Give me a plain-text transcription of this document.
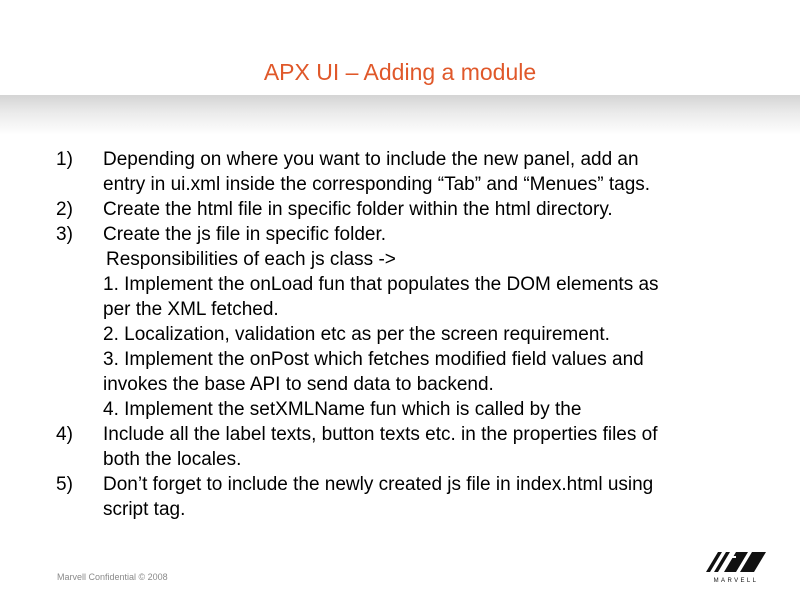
APX UI – Adding a module
1) Depending on where you want to include the new panel, add an
entry in ui.xml inside the corresponding “Tab” and “Menues” tags.
2) Create the html file in specific folder within the html directory.
3) Create the js file in specific folder.
Responsibilities of each js class ->
1. Implement the onLoad fun that populates the DOM elements as
per the XML fetched.
2. Localization, validation etc as per the screen requirement.
3. Implement the onPost which fetches modified field values and
invokes the base API to send data to backend.
4. Implement the setXMLName fun which is called by the
4) Include all the label texts, button texts etc. in the properties files of
both the locales.
5) Don’t forget to include the newly created js file in index.html using
script tag.
Marvell Confidential © 2008	MARVELL
